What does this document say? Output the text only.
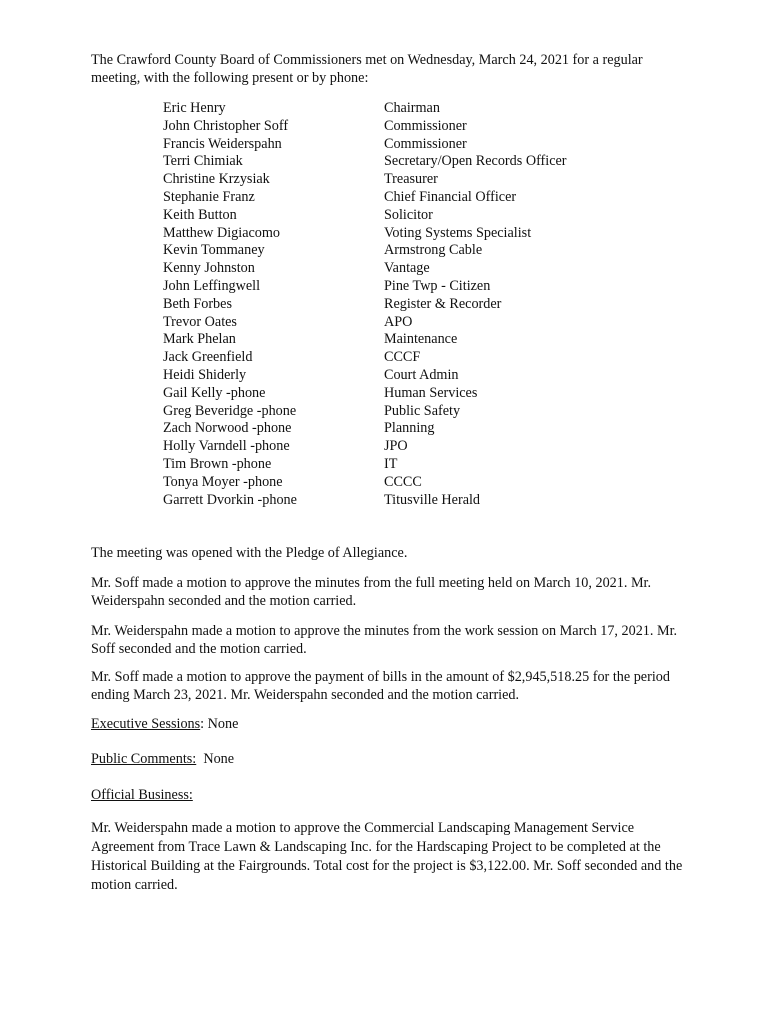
The Crawford County Board of Commissioners met on Wednesday, March 24, 2021 for a regular meeting, with the following present or by phone:

Eric Henry	Chairman
John Christopher Soff	Commissioner
Francis Weiderspahn	Commissioner
Terri Chimiak	Secretary/Open Records Officer
Christine Krzysiak	Treasurer
Stephanie Franz	Chief Financial Officer
Keith Button	Solicitor
Matthew Digiacomo	Voting Systems Specialist
Kevin Tommaney	Armstrong Cable
Kenny Johnston	Vantage
John Leffingwell	Pine Twp - Citizen
Beth Forbes	Register & Recorder
Trevor Oates	APO
Mark Phelan	Maintenance
Jack Greenfield	CCCF
Heidi Shiderly	Court Admin
Gail Kelly -phone	Human Services
Greg Beveridge -phone	Public Safety
Zach Norwood -phone	Planning
Holly Varndell -phone	JPO
Tim Brown -phone	IT
Tonya Moyer -phone	CCCC
Garrett Dvorkin -phone	Titusville Herald

The meeting was opened with the Pledge of Allegiance.

Mr. Soff made a motion to approve the minutes from the full meeting held on March 10, 2021. Mr. Weiderspahn seconded and the motion carried.

Mr. Weiderspahn made a motion to approve the minutes from the work session on March 17, 2021. Mr. Soff seconded and the motion carried.

Mr. Soff made a motion to approve the payment of bills in the amount of $2,945,518.25 for the period ending March 23, 2021. Mr. Weiderspahn seconded and the motion carried.

Executive Sessions: None

Public Comments:  None

Official Business:

Mr. Weiderspahn made a motion to approve the Commercial Landscaping Management Service Agreement from Trace Lawn & Landscaping Inc. for the Hardscaping Project to be completed at the Historical Building at the Fairgrounds. Total cost for the project is $3,122.00. Mr. Soff seconded and the motion carried.
